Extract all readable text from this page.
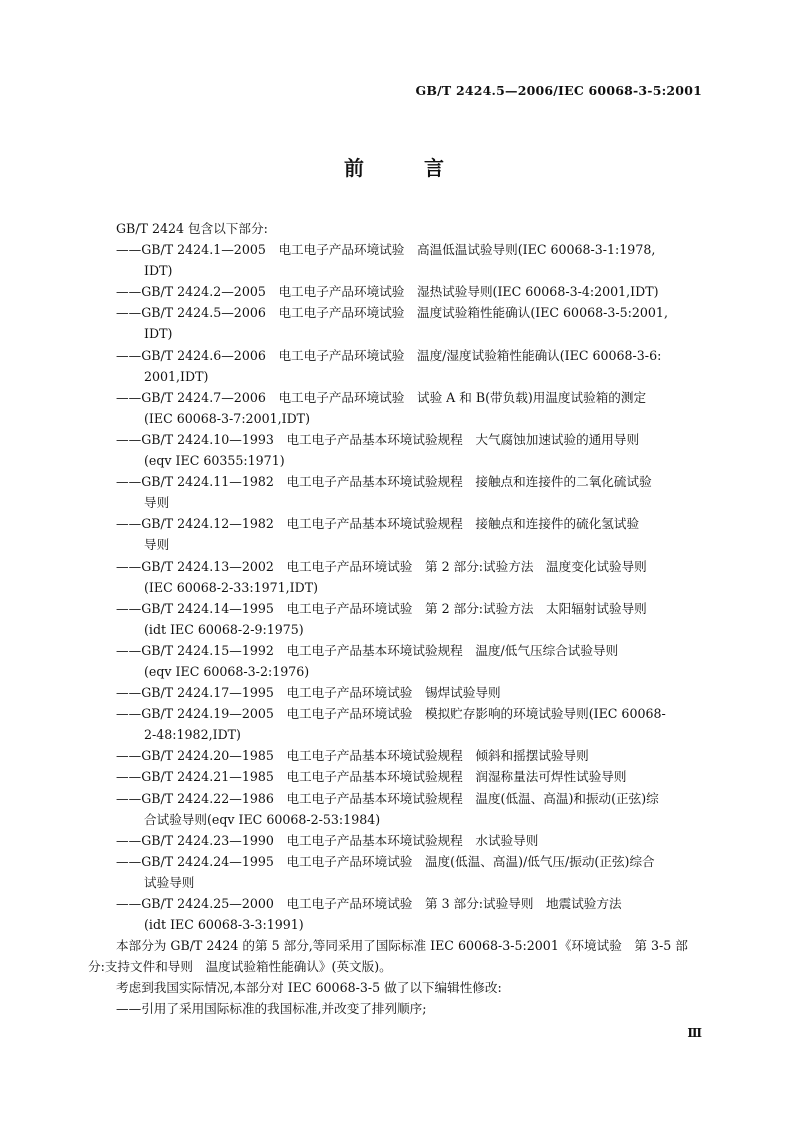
GB/T 2424.5—2006/IEC 60068-3-5:2001
前　言

GB/T 2424 包含以下部分:

——GB/T 2424.1—2005　电工电子产品环境试验　高温低温试验导则(IEC 60068-3-1:1978,
IDT)
——GB/T 2424.2—2005　电工电子产品环境试验　湿热试验导则(IEC 60068-3-4:2001,IDT)
——GB/T 2424.5—2006　电工电子产品环境试验　温度试验箱性能确认(IEC 60068-3-5:2001,
IDT)
——GB/T 2424.6—2006　电工电子产品环境试验　温度/湿度试验箱性能确认(IEC 60068-3-6:
2001,IDT)
——GB/T 2424.7—2006　电工电子产品环境试验　试验 A 和 B(带负载)用温度试验箱的测定
(IEC 60068-3-7:2001,IDT)
——GB/T 2424.10—1993　电工电子产品基本环境试验规程　大气腐蚀加速试验的通用导则
(eqv IEC 60355:1971)
——GB/T 2424.11—1982　电工电子产品基本环境试验规程　接触点和连接件的二氧化硫试验
导则
——GB/T 2424.12—1982　电工电子产品基本环境试验规程　接触点和连接件的硫化氢试验
导则
——GB/T 2424.13—2002　电工电子产品环境试验　第 2 部分:试验方法　温度变化试验导则
(IEC 60068-2-33:1971,IDT)
——GB/T 2424.14—1995　电工电子产品环境试验　第 2 部分:试验方法　太阳辐射试验导则
(idt IEC 60068-2-9:1975)
——GB/T 2424.15—1992　电工电子产品基本环境试验规程　温度/低气压综合试验导则
(eqv IEC 60068-3-2:1976)
——GB/T 2424.17—1995　电工电子产品环境试验　锡焊试验导则
——GB/T 2424.19—2005　电工电子产品环境试验　模拟贮存影响的环境试验导则(IEC 60068-
2-48:1982,IDT)
——GB/T 2424.20—1985　电工电子产品基本环境试验规程　倾斜和摇摆试验导则
——GB/T 2424.21—1985　电工电子产品基本环境试验规程　润湿称量法可焊性试验导则
——GB/T 2424.22—1986　电工电子产品基本环境试验规程　温度(低温、高温)和振动(正弦)综
合试验导则(eqv IEC 60068-2-53:1984)
——GB/T 2424.23—1990　电工电子产品基本环境试验规程　水试验导则
——GB/T 2424.24—1995　电工电子产品环境试验　温度(低温、高温)/低气压/振动(正弦)综合
试验导则
——GB/T 2424.25—2000　电工电子产品环境试验　第 3 部分:试验导则　地震试验方法
(idt IEC 60068-3-3:1991)

本部分为 GB/T 2424 的第 5 部分,等同采用了国际标准 IEC 60068-3-5:2001《环境试验　第 3-5 部

分:支持文件和导则　温度试验箱性能确认》(英文版)。

考虑到我国实际情况,本部分对 IEC 60068-3-5 做了以下编辑性修改:

——引用了采用国际标准的我国标准,并改变了排列顺序;

Ⅲ
